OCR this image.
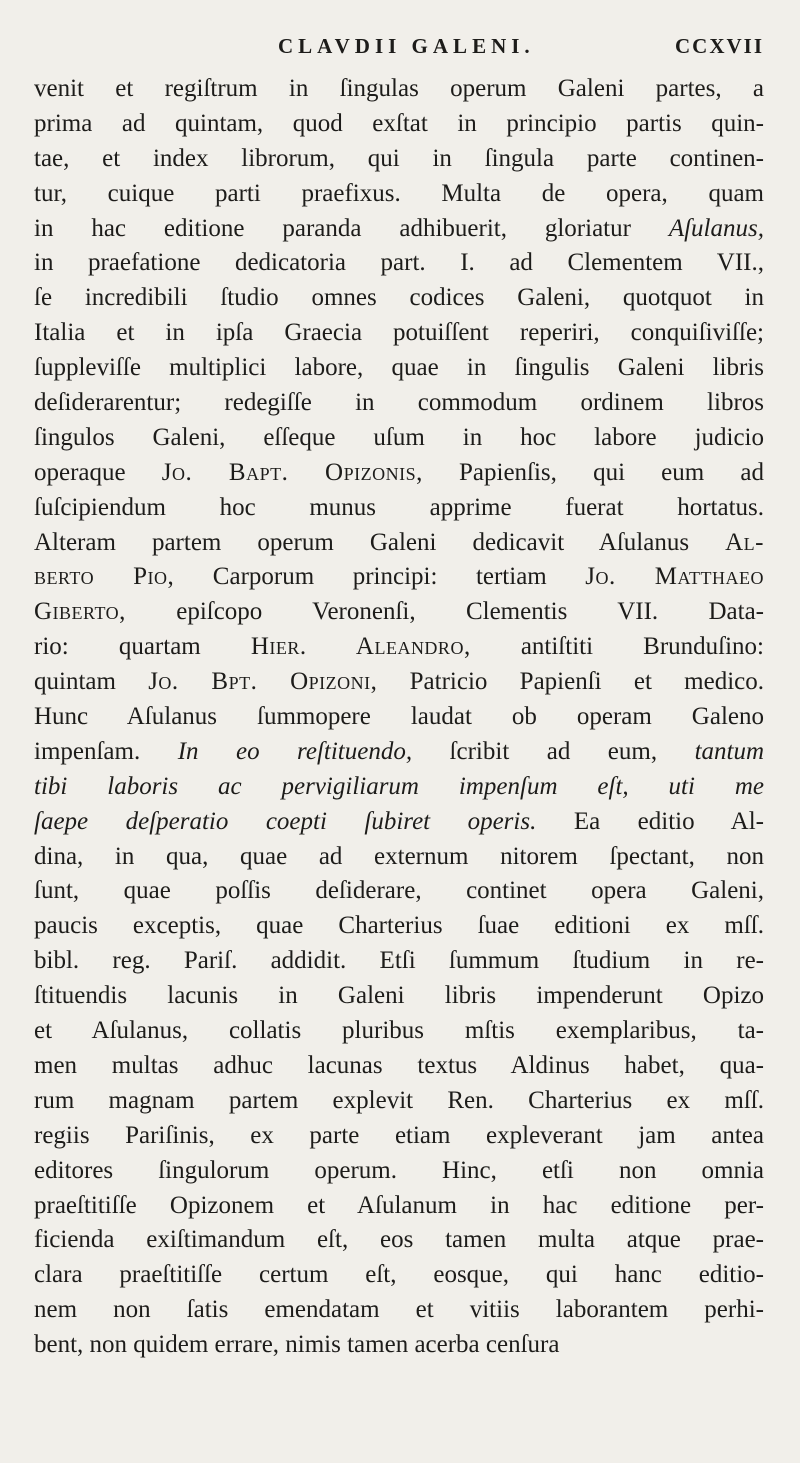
CLAVDII GALENI.	CCXVII
venit et regiſtrum in ſingulas operum Galeni partes, a
prima ad quintam, quod exſtat in principio partis quin-
tae, et index librorum, qui in ſingula parte continen-
tur, cuique parti praefixus. Multa de opera, quam
in hac editione paranda adhibuerit, gloriatur Aſulanus,
in praefatione dedicatoria part. I. ad Clementem VII.,
ſe incredibili ſtudio omnes codices Galeni, quotquot in
Italia et in ipſa Graecia potuiſſent reperiri, conquiſiviſſe;
ſuppleviſſe multiplici labore, quae in ſingulis Galeni libris
deſiderarentur; redegiſſe in commodum ordinem libros
ſingulos Galeni, eſſeque uſum in hoc labore judicio
operaque Jo. Bapt. Opizonis, Papienſis, qui eum ad
ſuſcipiendum hoc munus apprime fuerat hortatus.
Alteram partem operum Galeni dedicavit Aſulanus Al-
berto Pio, Carporum principi: tertiam Jo. Matthaeo
Giberto, epiſcopo Veronenſi, Clementis VII. Data-
rio: quartam Hier. Aleandro, antiſtiti Brunduſino:
quintam Jo. Bpt. Opizoni, Patricio Papienſi et medico.
Hunc Aſulanus ſummopere laudat ob operam Galeno
impenſam. In eo reſtituendo, ſcribit ad eum, tantum
tibi laboris ac pervigiliarum impenſum eſt, uti me
ſaepe deſperatio coepti ſubiret operis. Ea editio Al-
dina, in qua, quae ad externum nitorem ſpectant, non
ſunt, quae poſſis deſiderare, continet opera Galeni,
paucis exceptis, quae Charterius ſuae editioni ex mſſ.
bibl. reg. Pariſ. addidit. Etſi ſummum ſtudium in re-
ſtituendis lacunis in Galeni libris impenderunt Opizo
et Aſulanus, collatis pluribus mſtis exemplaribus, ta-
men multas adhuc lacunas textus Aldinus habet, qua-
rum magnam partem explevit Ren. Charterius ex mſſ.
regiis Pariſinis, ex parte etiam expleverant jam antea
editores ſingulorum operum. Hinc, etſi non omnia
praeſtitiſſe Opizonem et Aſulanum in hac editione per-
ficienda exiſtimandum eſt, eos tamen multa atque prae-
clara praeſtitiſſe certum eſt, eosque, qui hanc editio-
nem non ſatis emendatam et vitiis laborantem perhi-
bent, non quidem errare, nimis tamen acerba cenſura
